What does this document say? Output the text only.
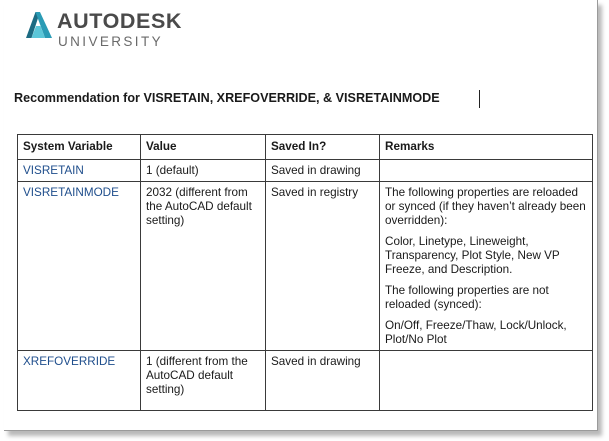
AUTODESK
UNIVERSITY
Recommendation for VISRETAIN, XREFOVERRIDE, & VISRETAINMODE
System Variable	Value	Saved In?	Remarks
VISRETAIN	1 (default)	Saved in drawing	
VISRETAINMODE	2032 (different from the AutoCAD default setting)	Saved in registry	The following properties are reloaded or synced (if they haven’t already been overridden):

Color, Linetype, Lineweight, Transparency, Plot Style, New VP Freeze, and Description.

The following properties are not reloaded (synced):

On/Off, Freeze/Thaw, Lock/Unlock, Plot/No Plot

XREFOVERRIDE	1 (different from the AutoCAD default setting)	Saved in drawing	
